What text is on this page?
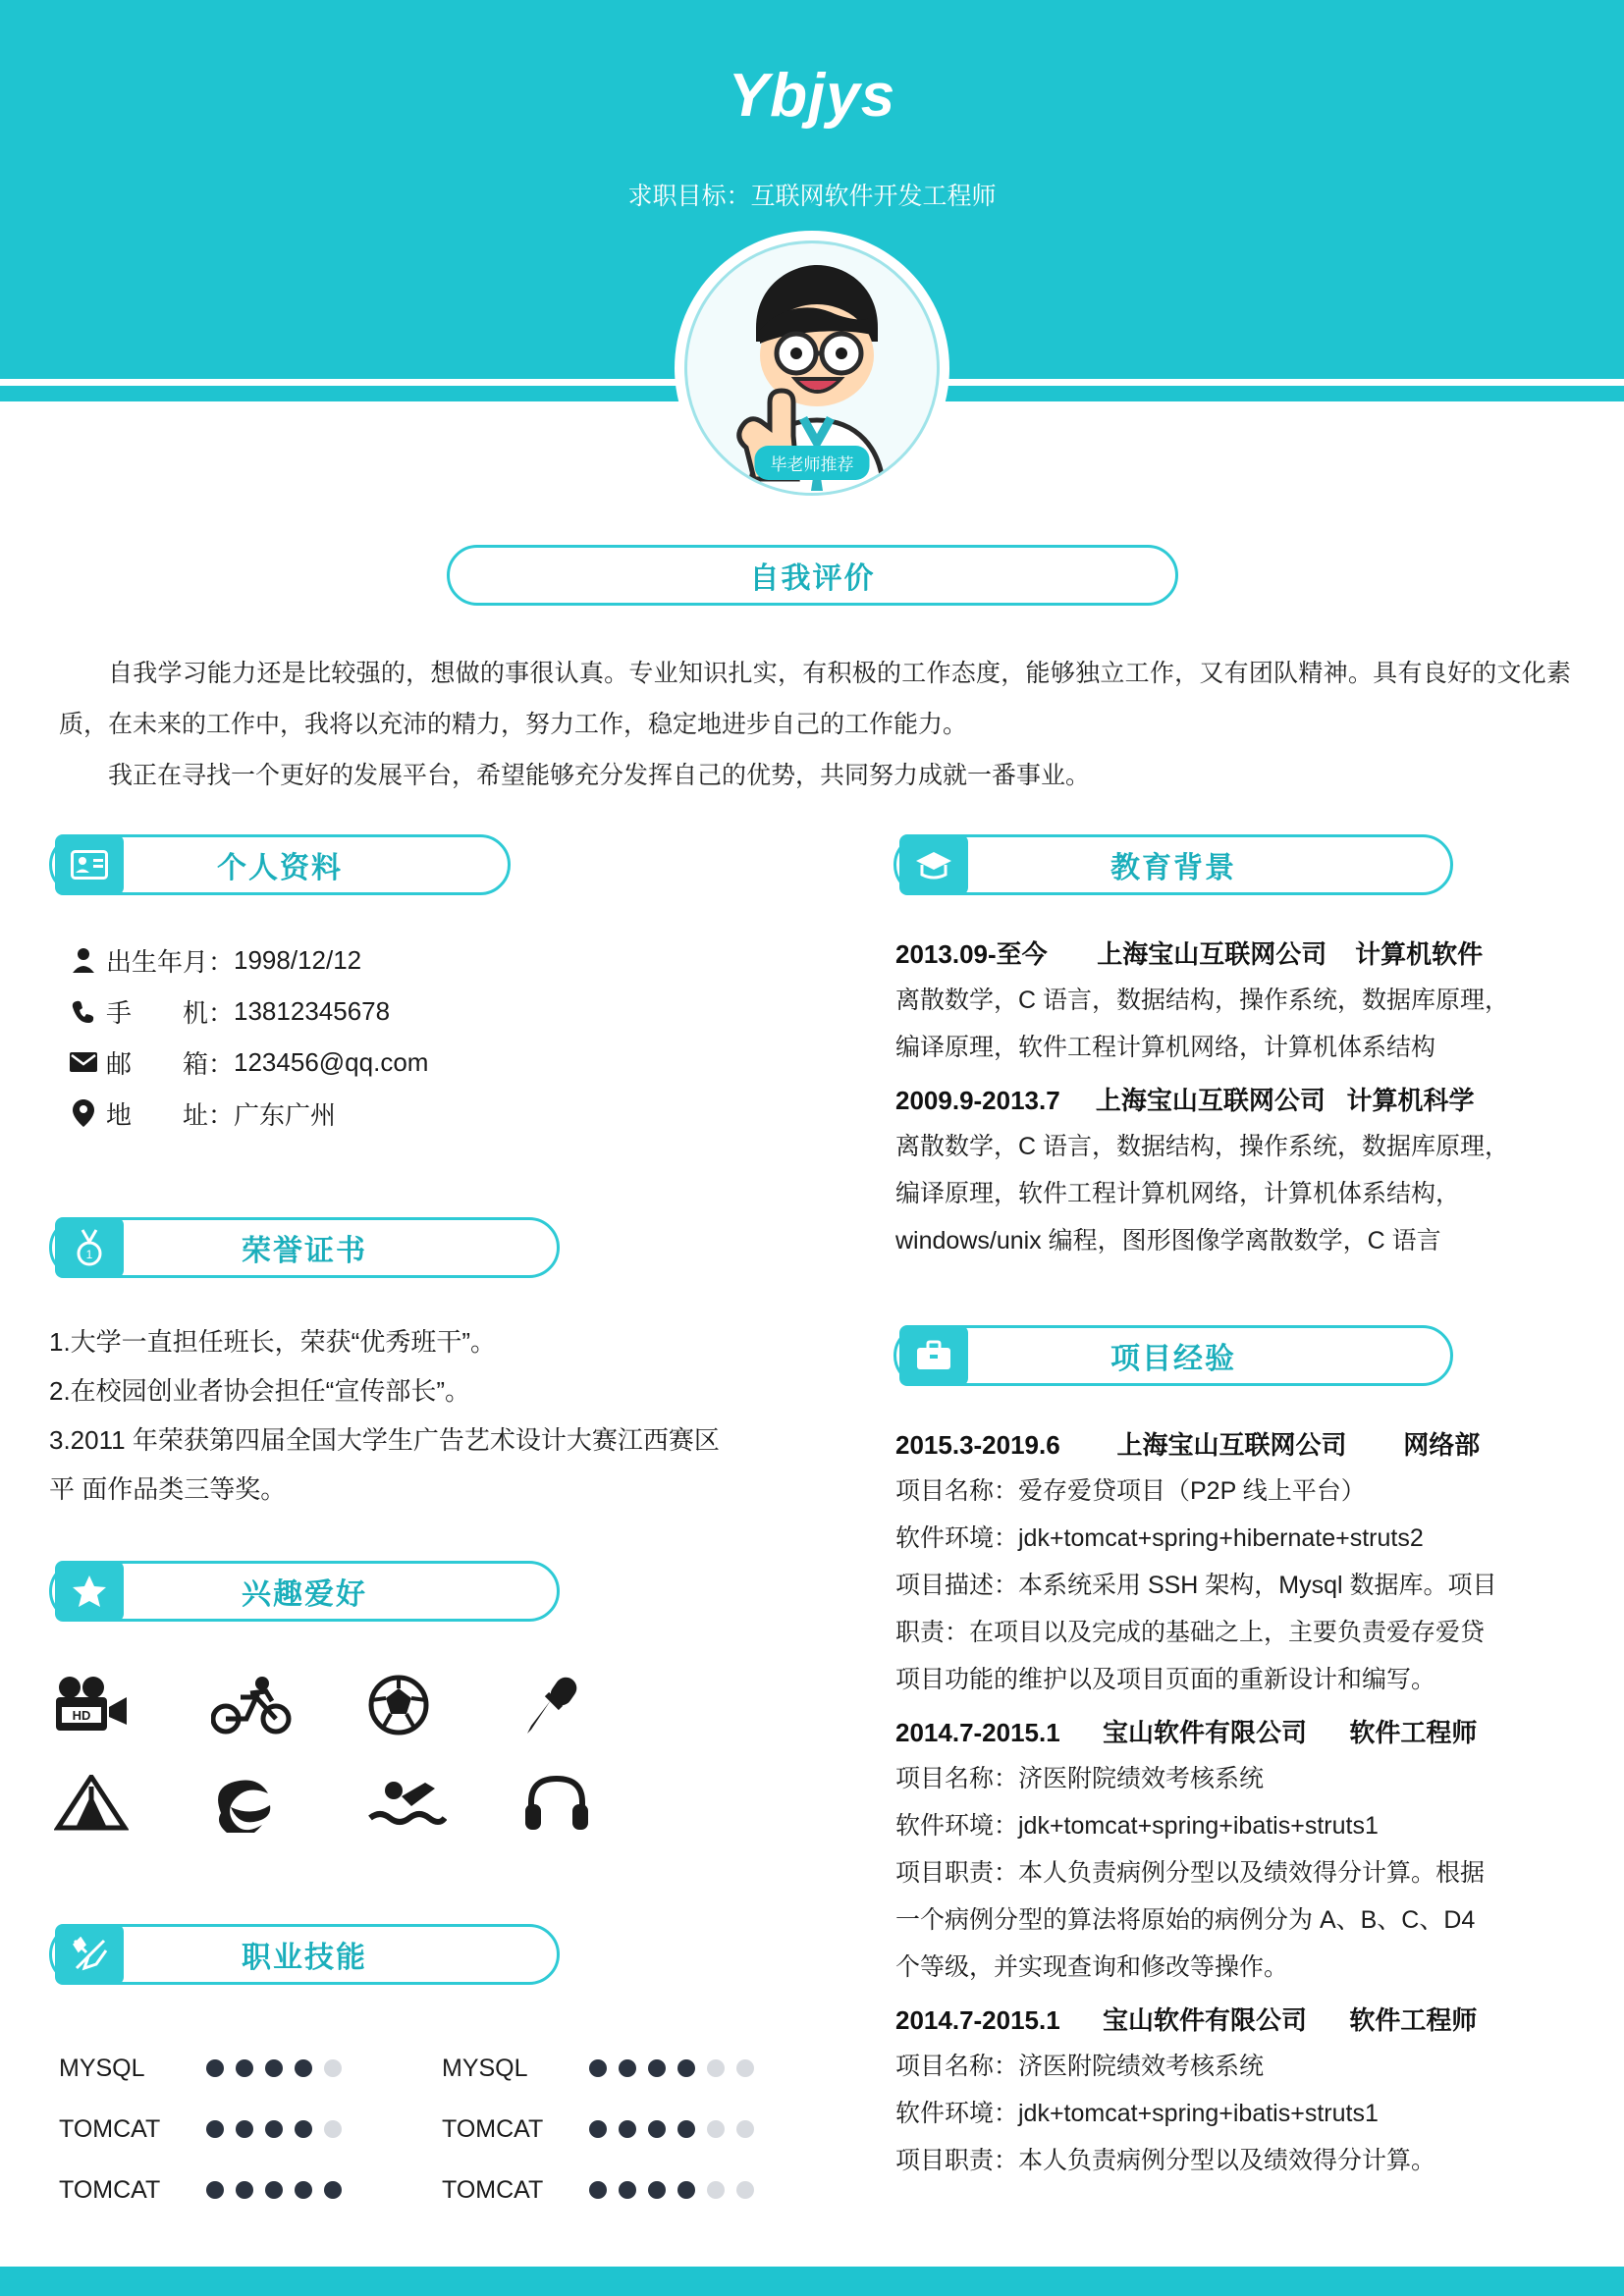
Ybjys
求职目标：互联网软件开发工程师
毕老师推荐
自我评价

自我学习能力还是比较强的，想做的事很认真。专业知识扎实，有积极的工作态度，能够独立工作，又有团队精神。具有良好的文化素质，在未来的工作中，我将以充沛的精力，努力工作，稳定地进步自己的工作能力。

我正在寻找一个更好的发展平台，希望能够充分发挥自己的优势，共同努力成就一番事业。

个人资料
出生年月： 1998/12/12
手　　机： 13812345678
邮　　箱： 123456@qq.com
地　　址： 广东广州
荣誉证书
1
1.大学一直担任班长，荣获“优秀班干”。
2.在校园创业者协会担任“宣传部长”。
3.2011 年荣获第四届全国大学生广告艺术设计大赛江西赛区平 面作品类三等奖。
兴趣爱好
HD
职业技能
MYSQL
TOMCAT
TOMCAT
MYSQL
TOMCAT
TOMCAT
教育背景
2013.09-至今       上海宝山互联网公司    计算机软件
离散数学，C 语言，数据结构，操作系统，数据库原理，
编译原理，软件工程计算机网络，计算机体系结构
2009.9-2013.7     上海宝山互联网公司   计算机科学
离散数学，C 语言，数据结构，操作系统，数据库原理，
编译原理，软件工程计算机网络，计算机体系结构，
windows/unix 编程，图形图像学离散数学，C 语言
项目经验
2015.3-2019.6        上海宝山互联网公司        网络部
项目名称：爱存爱贷项目（P2P 线上平台）
软件环境：jdk+tomcat+spring+hibernate+struts2
项目描述：本系统采用 SSH 架构，Mysql 数据库。项目
职责：在项目以及完成的基础之上，主要负责爱存爱贷
项目功能的维护以及项目页面的重新设计和编写。
2014.7-2015.1      宝山软件有限公司      软件工程师
项目名称：济医附院绩效考核系统
软件环境：jdk+tomcat+spring+ibatis+struts1
项目职责：本人负责病例分型以及绩效得分计算。根据
一个病例分型的算法将原始的病例分为 A、B、C、D4
个等级，并实现查询和修改等操作。
2014.7-2015.1      宝山软件有限公司      软件工程师
项目名称：济医附院绩效考核系统
软件环境：jdk+tomcat+spring+ibatis+struts1
项目职责：本人负责病例分型以及绩效得分计算。
